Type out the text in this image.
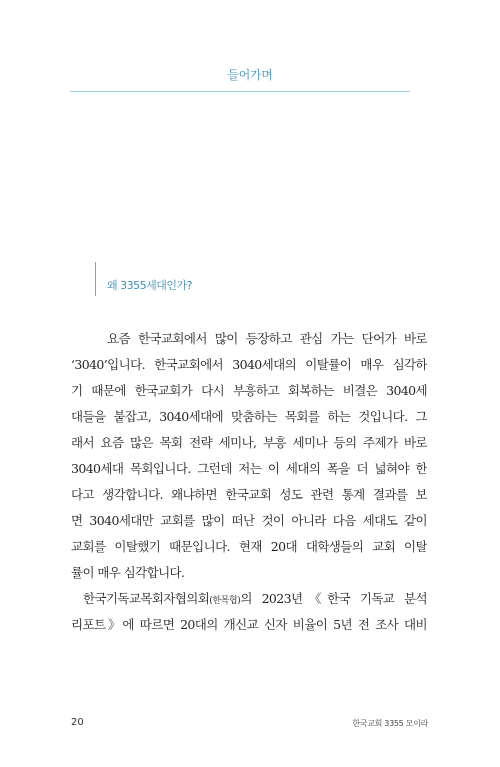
들어가며
왜 3355세대인가?
요즘 한국교회에서 많이 등장하고 관심 가는 단어가 바로
‘3040’입니다. 한국교회에서 3040세대의 이탈률이 매우 심각하
기 때문에 한국교회가 다시 부흥하고 회복하는 비결은 3040세
대들을 붙잡고, 3040세대에 맞춤하는 목회를 하는 것입니다. 그
래서 요즘 많은 목회 전략 세미나, 부흥 세미나 등의 주제가 바로
3040세대 목회입니다. 그런데 저는 이 세대의 폭을 더 넓혀야 한
다고 생각합니다. 왜냐하면 한국교회 성도 관련 통계 결과를 보
면 3040세대만 교회를 많이 떠난 것이 아니라 다음 세대도 같이
교회를 이탈했기 때문입니다. 현재 20대 대학생들의 교회 이탈
률이 매우 심각합니다.
한국기독교목회자협의회(한목협)의 2023년《한국 기독교 분석
리포트》에 따르면 20대의 개신교 신자 비율이 5년 전 조사 대비
20	한국교회 3355 모이라
